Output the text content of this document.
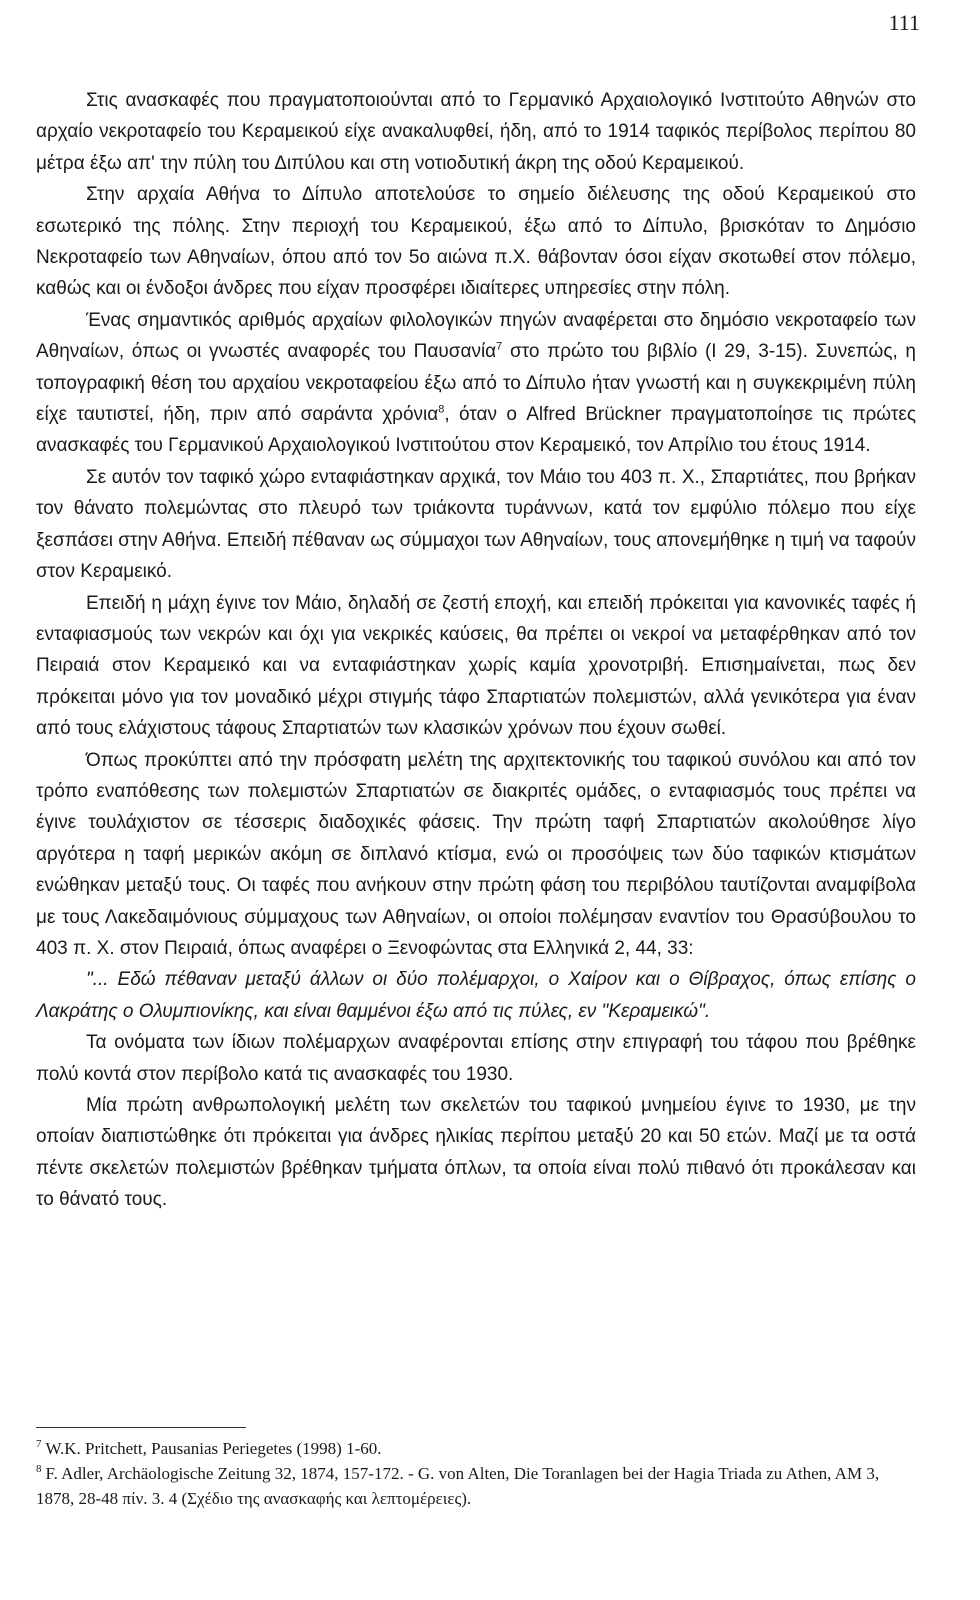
111

Στις ανασκαφές που πραγματοποιούνται από το Γερμανικό Αρχαιολογικό Ινστιτούτο Αθηνών στο αρχαίο νεκροταφείο του Κεραμεικού είχε ανακαλυφθεί, ήδη, από το 1914 ταφικός περίβολος περίπου 80 μέτρα έξω απ' την πύλη του Διπύλου και στη νοτιοδυτική άκρη της οδού Κεραμεικού.

Στην αρχαία Αθήνα το Δίπυλο αποτελούσε το σημείο διέλευσης της οδού Κεραμεικού στο εσωτερικό της πόλης. Στην περιοχή του Κεραμεικού, έξω από το Δίπυλο, βρισκόταν το Δημόσιο Νεκροταφείο των Αθηναίων, όπου από τον 5ο αιώνα π.Χ. θάβονταν όσοι είχαν σκοτωθεί στον πόλεμο, καθώς και οι ένδοξοι άνδρες που είχαν προσφέρει ιδιαίτερες υπηρεσίες στην πόλη.

Ένας σημαντικός αριθμός αρχαίων φιλολογικών πηγών αναφέρεται στο δημόσιο νεκροταφείο των Αθηναίων, όπως οι γνωστές αναφορές του Παυσανία$^7$ στο πρώτο του βιβλίο (I 29, 3-15). Συνεπώς, η τοπογραφική θέση του αρχαίου νεκροταφείου έξω από το Δίπυλο ήταν γνωστή και η συγκεκριμένη πύλη είχε ταυτιστεί, ήδη, πριν από σαράντα χρόνια$^8$, όταν ο Alfred Brückner πραγματοποίησε τις πρώτες ανασκαφές του Γερμανικού Αρχαιολογικού Ινστιτούτου στον Κεραμεικό, τον Απρίλιο του έτους 1914.

Σε αυτόν τον ταφικό χώρο ενταφιάστηκαν αρχικά, τον Μάιο του 403 π. Χ., Σπαρτιάτες, που βρήκαν τον θάνατο πολεμώντας στο πλευρό των τριάκοντα τυράννων, κατά τον εμφύλιο πόλεμο που είχε ξεσπάσει στην Αθήνα. Επειδή πέθαναν ως σύμμαχοι των Αθηναίων, τους απονεμήθηκε η τιμή να ταφούν στον Κεραμεικό.

Επειδή η μάχη έγινε τον Μάιο, δηλαδή σε ζεστή εποχή, και επειδή πρόκειται για κανονικές ταφές ή ενταφιασμούς των νεκρών και όχι για νεκρικές καύσεις, θα πρέπει οι νεκροί να μεταφέρθηκαν από τον Πειραιά στον Κεραμεικό και να ενταφιάστηκαν χωρίς καμία χρονοτριβή. Επισημαίνεται, πως δεν πρόκειται μόνο για τον μοναδικό μέχρι στιγμής τάφο Σπαρτιατών πολεμιστών, αλλά γενικότερα για έναν από τους ελάχιστους τάφους Σπαρτιατών των κλασικών χρόνων που έχουν σωθεί.

Όπως προκύπτει από την πρόσφατη μελέτη της αρχιτεκτονικής του ταφικού συνόλου και από τον τρόπο εναπόθεσης των πολεμιστών Σπαρτιατών σε διακριτές ομάδες, ο ενταφιασμός τους πρέπει να έγινε τουλάχιστον σε τέσσερις διαδοχικές φάσεις. Την πρώτη ταφή Σπαρτιατών ακολούθησε λίγο αργότερα η ταφή μερικών ακόμη σε διπλανό κτίσμα, ενώ οι προσόψεις των δύο ταφικών κτισμάτων ενώθηκαν μεταξύ τους. Οι ταφές που ανήκουν στην πρώτη φάση του περιβόλου ταυτίζονται αναμφίβολα με τους Λακεδαιμόνιους σύμμαχους των Αθηναίων, οι οποίοι πολέμησαν εναντίον του Θρασύβουλου το 403 π. Χ. στον Πειραιά, όπως αναφέρει ο Ξενοφώντας στα Ελληνικά 2, 44, 33:

"... Εδώ πέθαναν μεταξύ άλλων οι δύο πολέμαρχοι, ο Χαίρον και ο Θίβραχος, όπως επίσης ο Λακράτης ο Ολυμπιονίκης, και είναι θαμμένοι έξω από τις πύλες, εν "Κεραμεικώ".

Τα ονόματα των ίδιων πολέμαρχων αναφέρονται επίσης στην επιγραφή του τάφου που βρέθηκε πολύ κοντά στον περίβολο κατά τις ανασκαφές του 1930.

Μία πρώτη ανθρωπολογική μελέτη των σκελετών του ταφικού μνημείου έγινε το 1930, με την οποίαν διαπιστώθηκε ότι πρόκειται για άνδρες ηλικίας περίπου μεταξύ 20 και 50 ετών. Μαζί με τα οστά πέντε σκελετών πολεμιστών βρέθηκαν τμήματα όπλων, τα οποία είναι πολύ πιθανό ότι προκάλεσαν και το θάνατό τους.

$^7$ W.K. Pritchett, Pausanias Periegetes (1998) 1-60.

$^8$ F. Adler, Archäologische Zeitung 32, 1874, 157-172. - G. von Alten, Die Toranlagen bei der Hagia Triada zu Athen, AM 3, 1878, 28-48 πίν. 3. 4 (Σχέδιο της ανασκαφής και λεπτομέρειες).
